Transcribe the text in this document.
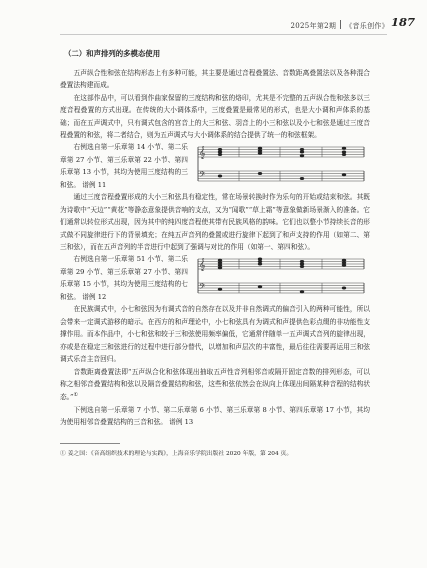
2025年第2期 《音乐创作》 187
（二）和声排列的多模态使用

五声纵合性和弦在结构形态上有多种可能，其主要是通过音程叠置法、音数距离叠置法以及各种混合叠置法构建而成。

在这部作品中，可以看到作曲家保留的三度结构和弦的烙印，尤其是不完整的五声纵合性和弦多以三度音程叠置的方式出现。在传统的大小调体系中，三度叠置是最常见的形式，也是大小调和声体系的基础；而在五声调式中，只有调式包含的宫音上的大三和弦、羽音上的小三和弦以及小七和弦是通过三度音程叠置的和弦，将二者结合，则为五声调式与大小调体系的结合提供了统一的和弦框架。

右例选自第一乐章第 14 小节、第二乐章第 27 小节、第三乐章第 22 小节、第四乐章第 13 小节，其均为使用三度结构的三和弦。 谱例 11
𝄞
𝄢

通过三度音程叠置形成的大小三和弦具有稳定性，常在场景转换时作为乐句的开始或结束和弦。其既为诗歌中“天边”“黄花”等静态意象提供音响的支点，又为“闻歌”“草上霜”等意象做新场景渐入的准备。它们通常以转位形式出现，因为其中的纯四度音程使其带有民族风格的韵味。它们也以整小节持续长音的形式做不同旋律进行下的背景填充；在纯五声音列的叠置或进行旋律下起到了和声支持的作用（如第二、第三和弦），而在五声音列的半音进行中起到了强调与对比的作用（如第一、第四和弦）。

右例选自第一乐章第 51 小节、第二乐章第 29 小节、第三乐章第 27 小节、第四乐章第 15 小节，其均为使用三度结构的七和弦。 谱例 12
𝄞
𝄢

在民族调式中，小七和弦因为有调式音的自然存在以及并非自然调式的偏音引入的两种可能性，所以会带来一定调式游移的暗示。在西方的和声理论中，小七和弦具有为调式和声提供色彩点缀的非功能性支撑作用。而本作品中，小七和弦和较于三和弦使用频率偏低，它通常伴随单一五声调式音列的旋律出现，亦或是在稳定三和弦进行的过程中进行部分替代，以增加和声层次的丰富性，最后往往需要再运用三和弦调式乐音主音回归。

音数距离叠置法即“五声纵合化和弦体现出抽取五声性音列相邻音或隔开固定音数的排列形态，可以称之相邻音叠置结构和弦以及隔音叠置结构和弦，这些和弦依然会在纵向上体现出间隔某种音程的结构状态。”①

下例选自第一乐章第 7 小节、第二乐章第 6 小节、第三乐章第 8 小节、第四乐章第 17 小节，其均为使用相邻音叠置结构的三音和弦。 谱例 13

① 姜之国：《音高组织技术的理论与实践》，上海音乐学院出版社 2020 年版，第 204 页。
